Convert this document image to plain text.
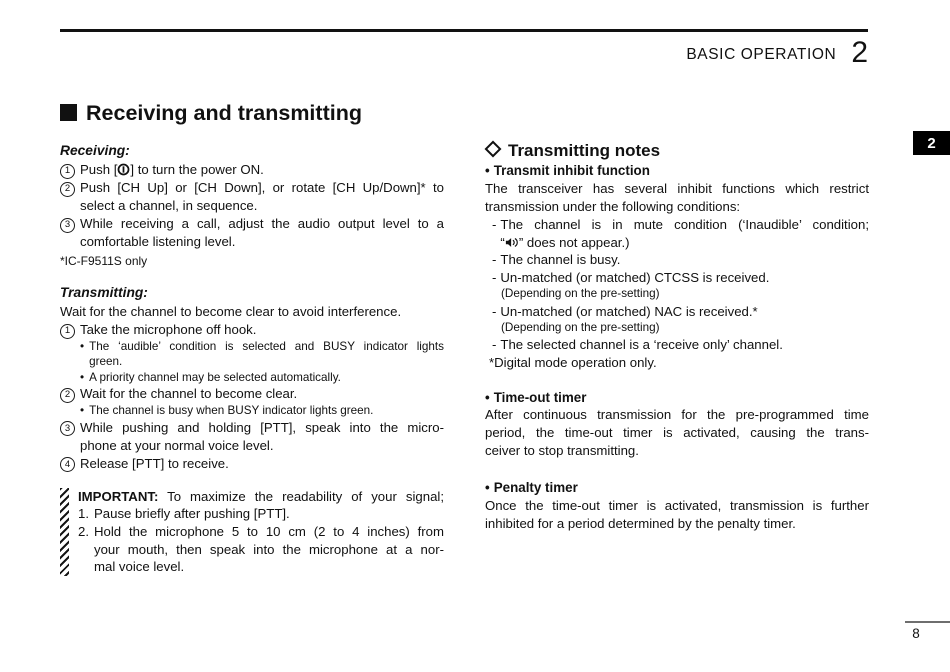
BASIC OPERATION 2
2
Receiving and transmitting
Receiving:
1 Push [ ] to turn the power ON.
2 Push [CH Up] or [CH Down], or rotate [CH Up/Down]* to
select a channel, in sequence.
3 While receiving a call, adjust the audio output level to a
comfortable listening level.
*IC-F9511S only
Transmitting:
Wait for the channel to become clear to avoid interference.
1 Take the microphone off hook.
• The ‘audible’ condition is selected and BUSY indicator lights
green.
• A priority channel may be selected automatically.
2 Wait for the channel to become clear.
• The channel is busy when BUSY indicator lights green.
3 While pushing and holding [PTT], speak into the micro-
phone at your normal voice level.
4 Release [PTT] to receive.
IMPORTANT: To maximize the readability of your signal;
1. Pause briefly after pushing [PTT].
2. Hold the microphone 5 to 10 cm (2 to 4 inches) from
your mouth, then speak into the microphone at a nor-
mal voice level.
Transmitting notes
• Transmit inhibit function
The transceiver has several inhibit functions which restrict
transmission under the following conditions:
- The channel is in mute condition (‘Inaudible’ condition;
“ ” does not appear.)
- The channel is busy.
- Un-matched (or matched) CTCSS is received.
(Depending on the pre-setting)
- Un-matched (or matched) NAC is received.*
(Depending on the pre-setting)
- The selected channel is a ‘receive only’ channel.
*Digital mode operation only.
• Time-out timer
After continuous transmission for the pre-programmed time
period, the time-out timer is activated, causing the trans-
ceiver to stop transmitting.
• Penalty timer
Once the time-out timer is activated, transmission is further
inhibited for a period determined by the penalty timer.
8
